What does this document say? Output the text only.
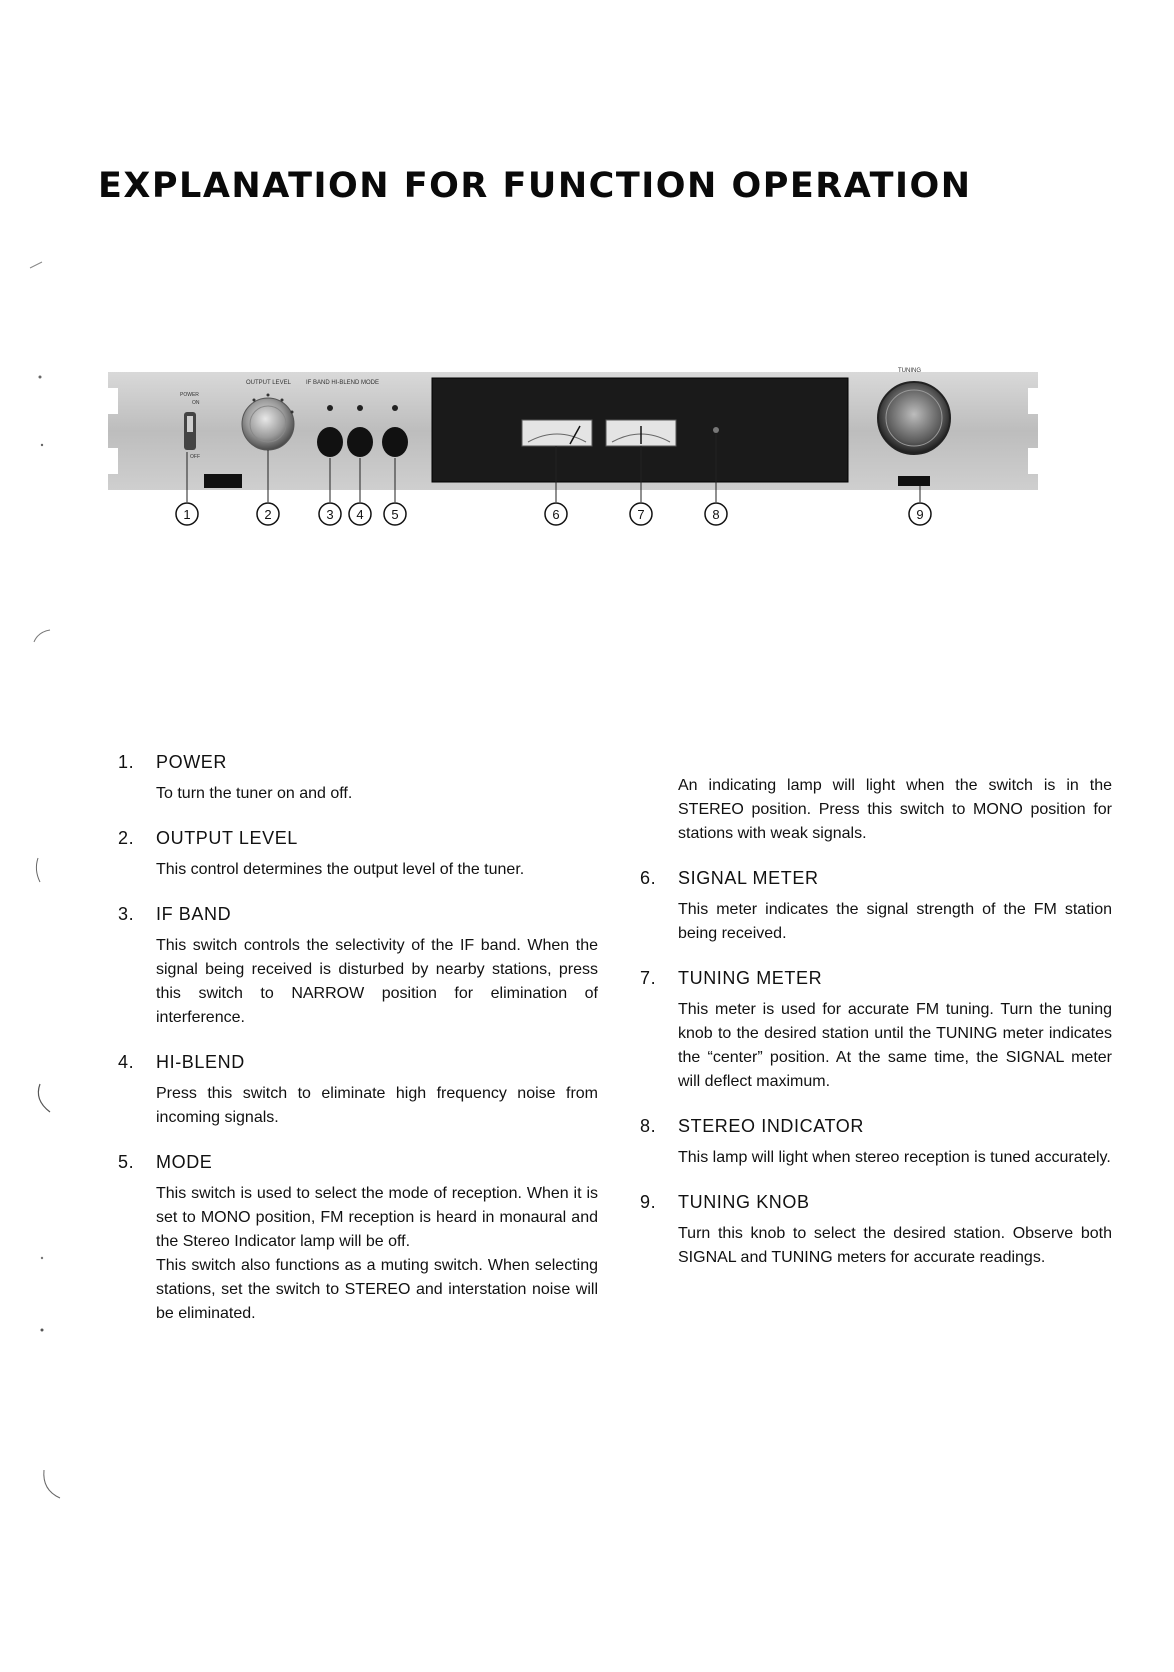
EXPLANATION FOR FUNCTION OPERATION
OUTPUT LEVEL	IF BAND HI-BLEND MODE
TUNING
POWER
ON
OFF
1	2	3 4 5	6	7	8	9
1.	POWER

To turn the tuner on and off.

2.	OUTPUT LEVEL

This control determines the output level of the tuner.

3.	IF BAND

This switch controls the selectivity of the IF band. When the signal being received is disturbed by nearby stations, press this switch to NARROW position for elimination of interference.

4.	HI-BLEND

Press this switch to eliminate high frequency noise from incoming signals.

5.	MODE

This switch is used to select the mode of reception. When it is set to MONO position, FM reception is heard in monaural and the Stereo Indicator lamp will be off.

This switch also functions as a muting switch. When selecting stations, set the switch to STEREO and interstation noise will be eliminated.

An indicating lamp will light when the switch is in the STEREO position. Press this switch to MONO position for stations with weak signals.
6.	SIGNAL METER

This meter indicates the signal strength of the FM station being received.

7.	TUNING METER

This meter is used for accurate FM tuning. Turn the tuning knob to the desired station until the TUNING meter indicates the “center” position. At the same time, the SIGNAL meter will deflect maximum.

8.	STEREO INDICATOR

This lamp will light when stereo reception is tuned accurately.

9.	TUNING KNOB

Turn this knob to select the desired station. Observe both SIGNAL and TUNING meters for accurate readings.
